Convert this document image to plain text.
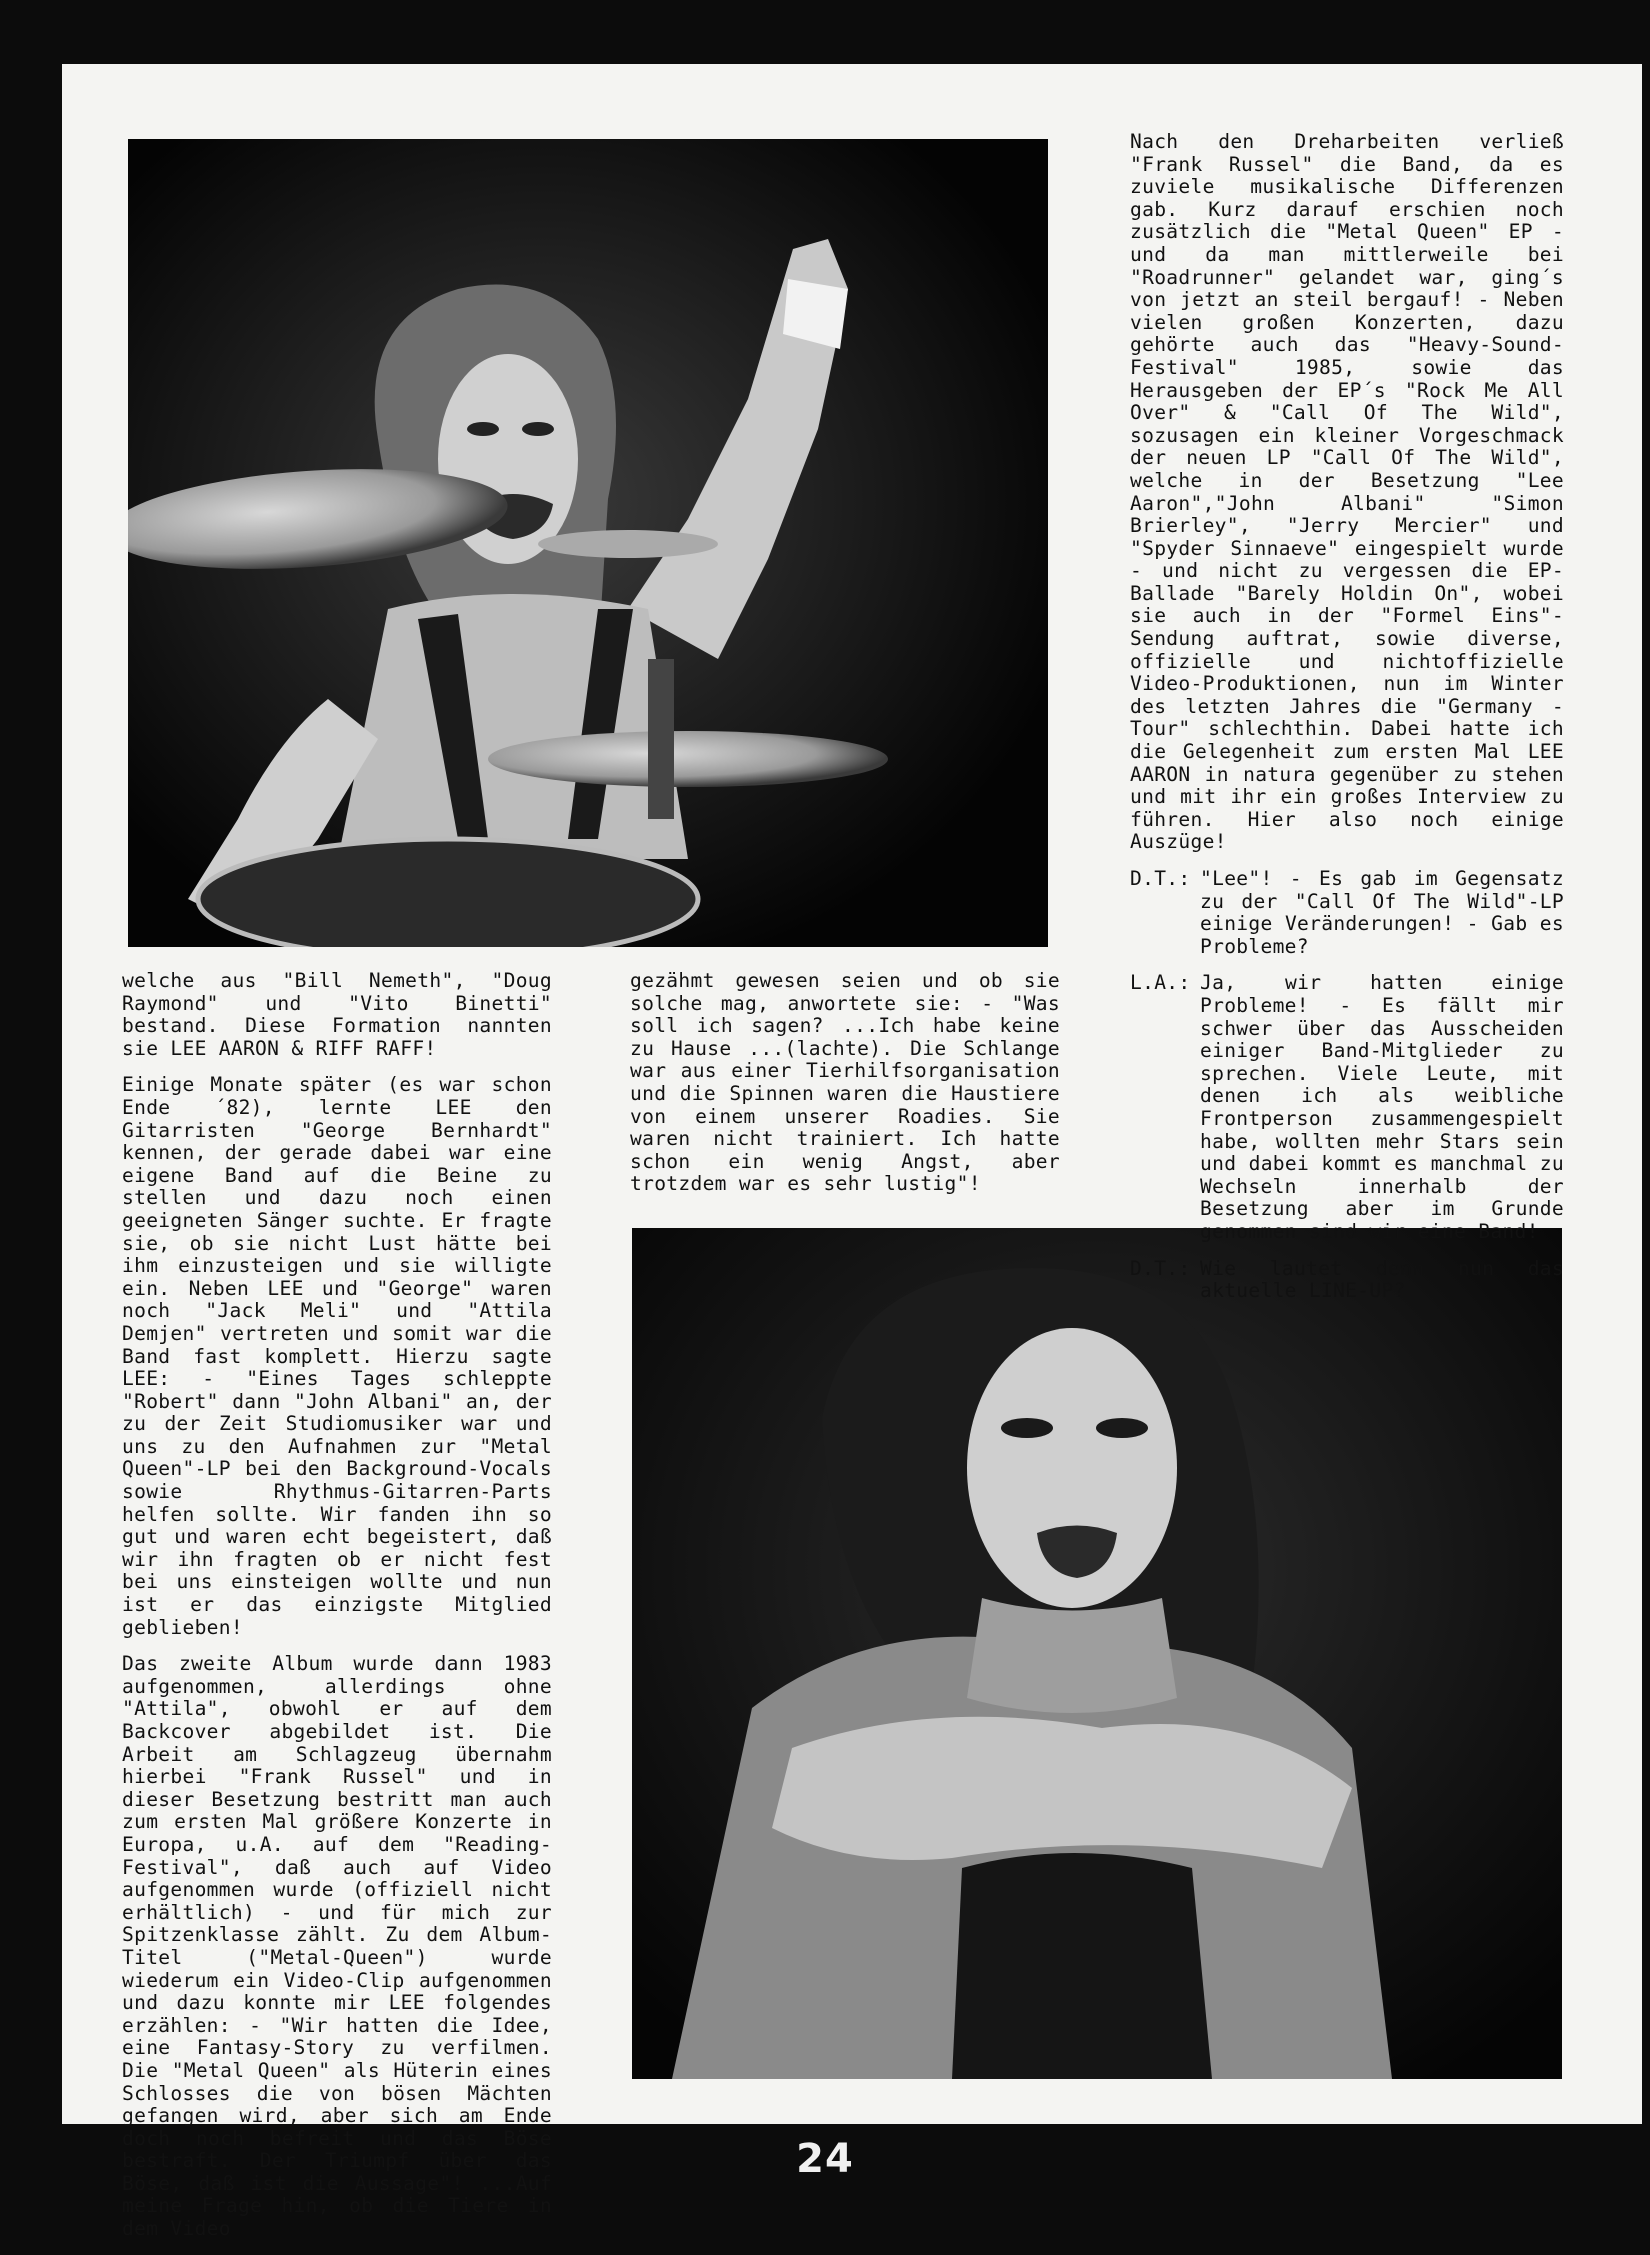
welche aus "Bill Nemeth", "Doug Raymond" und "Vito Binetti" bestand. Diese Formation nannten sie LEE AARON & RIFF RAFF!

Einige Monate später (es war schon Ende ´82), lernte LEE den Gitarristen "George Bernhardt" kennen, der gerade dabei war eine eigene Band auf die Beine zu stellen und dazu noch einen geeigneten Sänger suchte. Er fragte sie, ob sie nicht Lust hätte bei ihm einzusteigen und sie willigte ein. Neben LEE und "George" waren noch "Jack Meli" und "Attila Demjen" vertreten und somit war die Band fast komplett. Hierzu sagte LEE: - "Eines Tages schleppte "Robert" dann "John Albani" an, der zu der Zeit Studiomusiker war und uns zu den Aufnahmen zur "Metal Queen"-LP bei den Background-Vocals sowie Rhythmus-Gitarren-Parts helfen sollte. Wir fanden ihn so gut und waren echt begeistert, daß wir ihn fragten ob er nicht fest bei uns einsteigen wollte und nun ist er das einzigste Mitglied geblieben!

Das zweite Album wurde dann 1983 aufgenommen, allerdings ohne "Attila", obwohl er auf dem Backcover abgebildet ist. Die Arbeit am Schlagzeug übernahm hierbei "Frank Russel" und in dieser Besetzung bestritt man auch zum ersten Mal größere Konzerte in Europa, u.A. auf dem "Reading-Festival", daß auch auf Video aufgenommen wurde (offiziell nicht erhältlich) - und für mich zur Spitzenklasse zählt. Zu dem Album-Titel ("Metal-Queen") wurde wiederum ein Video-Clip aufgenommen und dazu konnte mir LEE folgendes erzählen: - "Wir hatten die Idee, eine Fantasy-Story zu verfilmen. Die "Metal Queen" als Hüterin eines Schlosses die von bösen Mächten gefangen wird, aber sich am Ende doch noch befreit und das Böse bestraft. Der Triumpf über das Böse, daß ist die Aussage"! ...Auf meine Frage hin, ob die Tiere in dem Video

gezähmt gewesen seien und ob sie solche mag, anwortete sie: - "Was soll ich sagen? ...Ich habe keine zu Hause ...(lachte). Die Schlange war aus einer Tierhilfsorganisation und die Spinnen waren die Haustiere von einem unserer Roadies. Sie waren nicht trainiert. Ich hatte schon ein wenig Angst, aber trotzdem war es sehr lustig"!

Nach den Dreharbeiten verließ "Frank Russel" die Band, da es zuviele musikalische Differenzen gab. Kurz darauf erschien noch zusätzlich die "Metal Queen" EP - und da man mittlerweile bei "Roadrunner" gelandet war, ging´s von jetzt an steil bergauf! - Neben vielen großen Konzerten, dazu gehörte auch das "Heavy-Sound-Festival" 1985, sowie das Herausgeben der EP´s "Rock Me All Over" & "Call Of The Wild", sozusagen ein kleiner Vorgeschmack der neuen LP "Call Of The Wild", welche in der Besetzung "Lee Aaron","John Albani" "Simon Brierley", "Jerry Mercier" und "Spyder Sinnaeve" eingespielt wurde - und nicht zu vergessen die EP-Ballade "Barely Holdin On", wobei sie auch in der "Formel Eins"-Sendung auftrat, sowie diverse, offizielle und nichtoffizielle Video-Produktionen, nun im Winter des letzten Jahres die "Germany -Tour" schlechthin. Dabei hatte ich die Gelegenheit zum ersten Mal LEE AARON in natura gegenüber zu stehen und mit ihr ein großes Interview zu führen. Hier also noch einige Auszüge!

D.T.: "Lee"! - Es gab im Gegensatz zu der "Call Of The Wild"-LP einige Veränderungen! - Gab es Probleme?
L.A.: Ja, wir hatten einige Probleme! - Es fällt mir schwer über das Ausscheiden einiger Band-Mitglieder zu sprechen. Viele Leute, mit denen ich als weibliche Frontperson zusammengespielt habe, wollten mehr Stars sein und dabei kommt es manchmal zu Wechseln innerhalb der Besetzung aber im Grunde genommen sind wir eine Band!
D.T.: Wie lautet denn nun das aktuelle LINE-UP?
24
